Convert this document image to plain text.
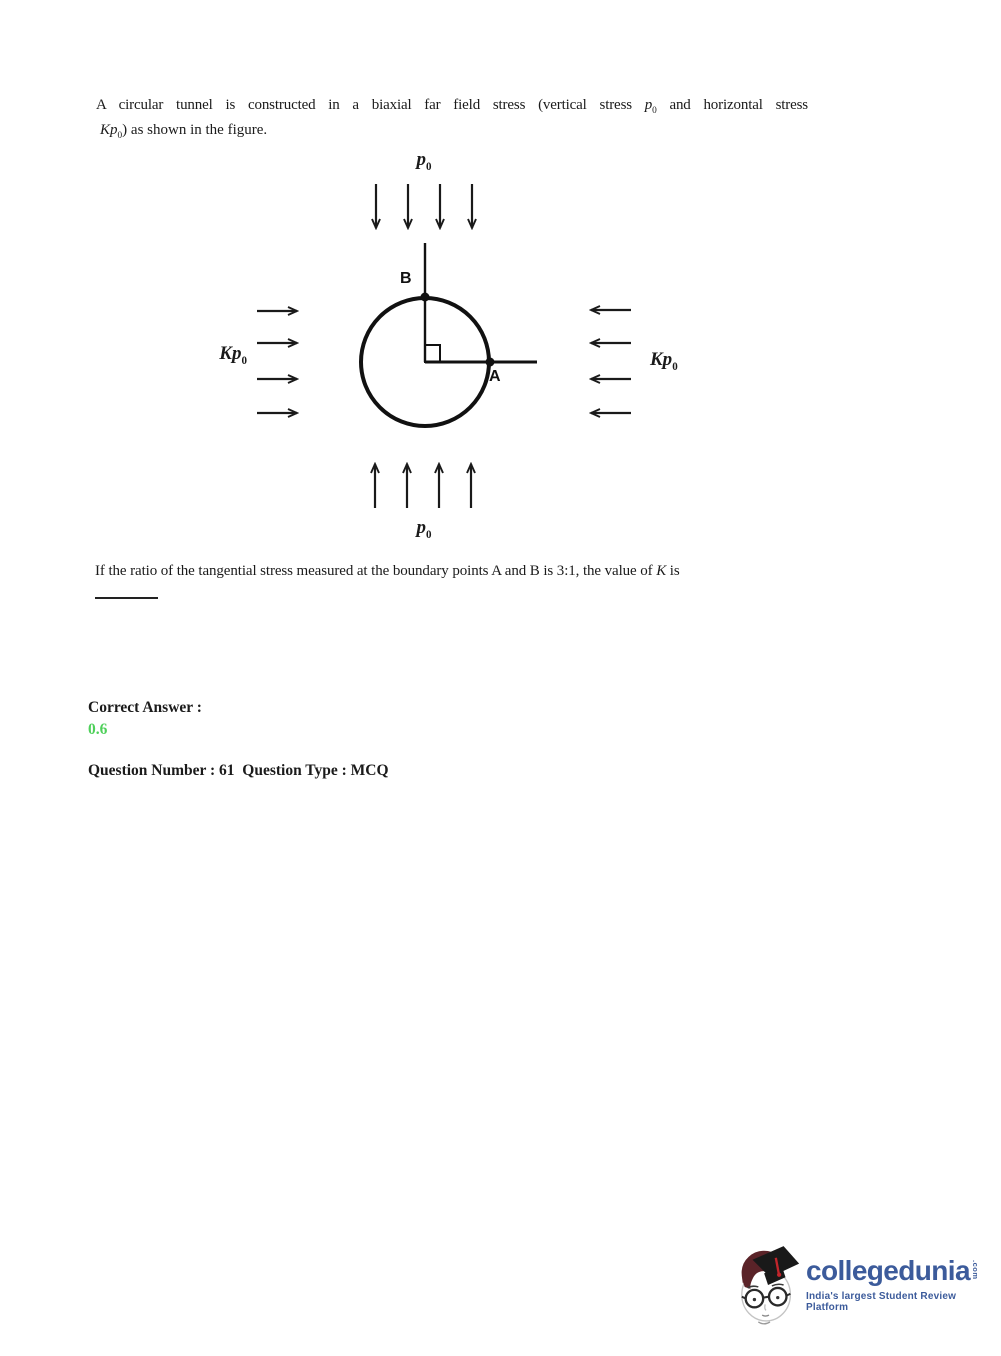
A circular tunnel is constructed in a biaxial far field stress (vertical stress $p_0$ and horizontal stress
$Kp_0$) as shown in the figure.
$p_0$
$p_0$
$Kp_0$	$Kp_0$
B
A
If the ratio of the tangential stress measured at the boundary points A and B is 3:1, the value of K is
Correct Answer :
0.6
Question Number : 61  Question Type : MCQ
collegedunia .com
India's largest Student Review Platform
